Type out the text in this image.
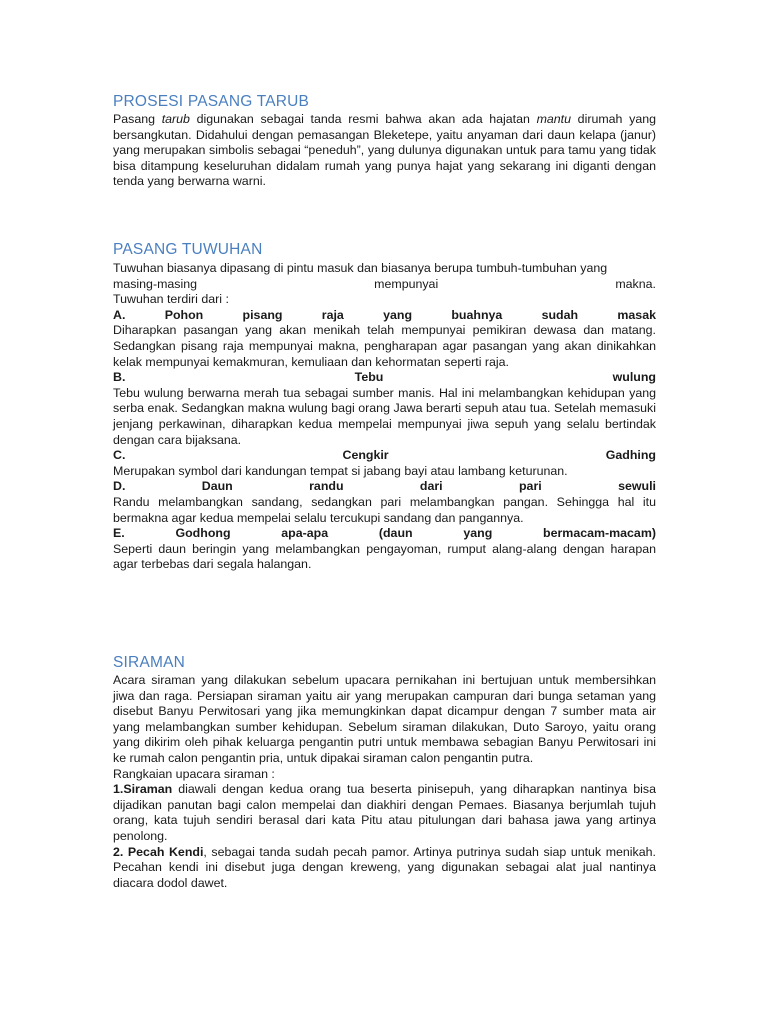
PROSESI PASANG TARUB

Pasang tarub digunakan sebagai tanda resmi bahwa akan ada hajatan mantu dirumah yang bersangkutan. Didahului dengan pemasangan Bleketepe, yaitu anyaman dari daun kelapa (janur) yang merupakan simbolis sebagai “peneduh”, yang dulunya digunakan untuk para tamu yang tidak bisa ditampung keseluruhan didalam rumah yang punya hajat yang sekarang ini diganti dengan tenda yang berwarna warni.

PASANG TUWUHAN

Tuwuhan biasanya dipasang di pintu masuk dan biasanya berupa tumbuh-tumbuhan yang

masing-masing	mempunyai	makna.

Tuwuhan terdiri dari :

A.	Pohon	pisang	raja	yang	buahnya	sudah	masak

Diharapkan pasangan yang akan menikah telah mempunyai pemikiran dewasa dan matang. Sedangkan pisang raja mempunyai makna, pengharapan agar pasangan yang akan dinikahkan kelak mempunyai kemakmuran, kemuliaan dan kehormatan seperti raja.

B.	Tebu	wulung

Tebu wulung berwarna merah tua sebagai sumber manis. Hal ini melambangkan kehidupan yang serba enak. Sedangkan makna wulung bagi orang Jawa berarti sepuh atau tua. Setelah memasuki jenjang perkawinan, diharapkan kedua mempelai mempunyai jiwa sepuh yang selalu bertindak dengan cara bijaksana.

C.	Cengkir	Gadhing

Merupakan symbol dari kandungan tempat si jabang bayi atau lambang keturunan.

D.	Daun	randu	dari	pari	sewuli

Randu melambangkan sandang, sedangkan pari melambangkan pangan. Sehingga hal itu bermakna agar kedua mempelai selalu tercukupi sandang dan pangannya.

E.	Godhong	apa-apa	(daun	yang	bermacam-macam)

Seperti daun beringin yang melambangkan pengayoman, rumput alang-alang dengan harapan agar terbebas dari segala halangan.

SIRAMAN

Acara siraman yang dilakukan sebelum upacara pernikahan ini bertujuan untuk membersihkan jiwa dan raga. Persiapan siraman yaitu air yang merupakan campuran dari bunga setaman yang disebut Banyu Perwitosari yang jika memungkinkan dapat dicampur dengan 7 sumber mata air yang melambangkan sumber kehidupan. Sebelum siraman dilakukan, Duto Saroyo, yaitu orang yang dikirim oleh pihak keluarga pengantin putri untuk membawa sebagian Banyu Perwitosari ini ke rumah calon pengantin pria, untuk dipakai siraman calon pengantin putra.

Rangkaian upacara siraman :

1.Siraman diawali dengan kedua orang tua beserta pinisepuh, yang diharapkan nantinya bisa dijadikan panutan bagi calon mempelai dan diakhiri dengan Pemaes. Biasanya berjumlah tujuh orang, kata tujuh sendiri berasal dari kata Pitu atau pitulungan dari bahasa jawa yang artinya penolong.

2. Pecah Kendi, sebagai tanda sudah pecah pamor. Artinya putrinya sudah siap untuk menikah. Pecahan kendi ini disebut juga dengan kreweng, yang digunakan sebagai alat jual nantinya diacara dodol dawet.
